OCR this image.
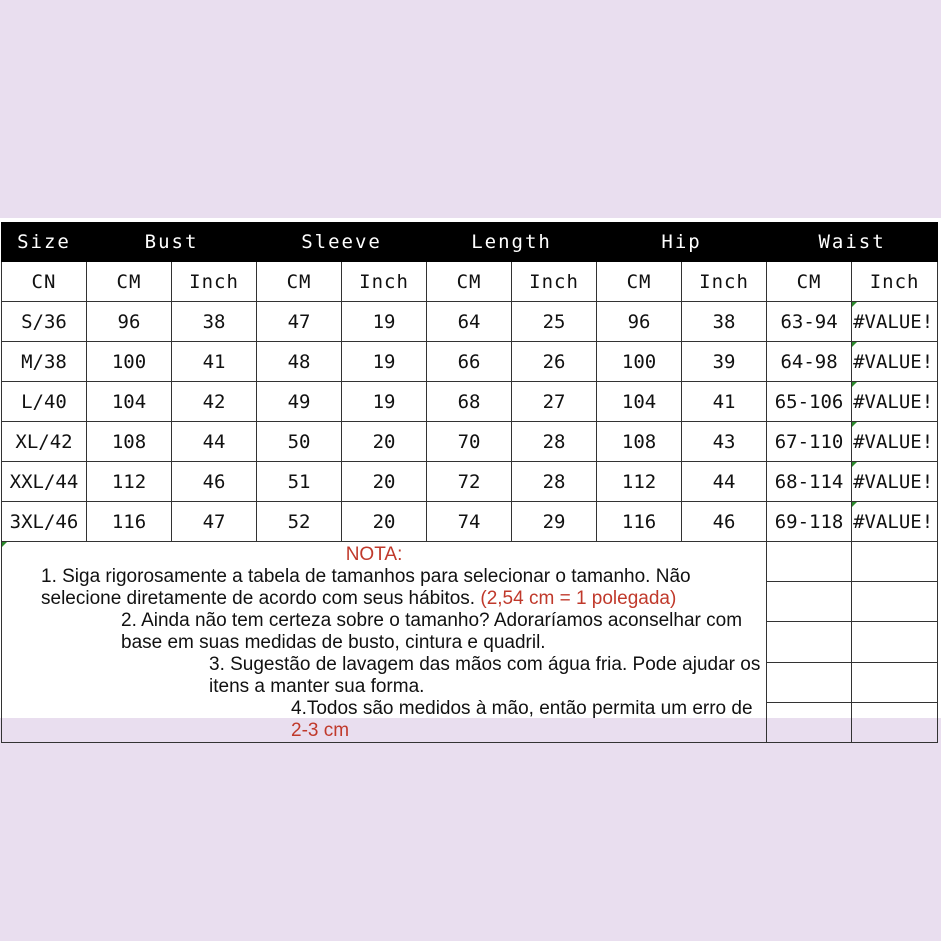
Size	Bust		Sleeve		Length		Hip		Waist	
CN	CM	Inch	CM	Inch	CM	Inch	CM	Inch	CM	Inch
S/36	96	38	47	19	64	25	96	38	63-94	#VALUE!
M/38	100	41	48	19	66	26	100	39	64-98	#VALUE!
L/40	104	42	49	19	68	27	104	41	65-106	#VALUE!
XL/42	108	44	50	20	70	28	108	43	67-110	#VALUE!
XXL/44	112	46	51	20	72	28	112	44	68-114	#VALUE!
3XL/46	116	47	52	20	74	29	116	46	69-118	#VALUE!

NOTA:
1. Siga rigorosamente a tabela de tamanhos para selecionar o tamanho. Não selecione diretamente de acordo com seus hábitos. (2,54 cm = 1 polegada)
2. Ainda não tem certeza sobre o tamanho? Adoraríamos aconselhar com base em suas medidas de busto, cintura e quadril.
3. Sugestão de lavagem das mãos com água fria. Pode ajudar os itens a manter sua forma.
4.Todos são medidos à mão, então permita um erro de 2-3 cm										
